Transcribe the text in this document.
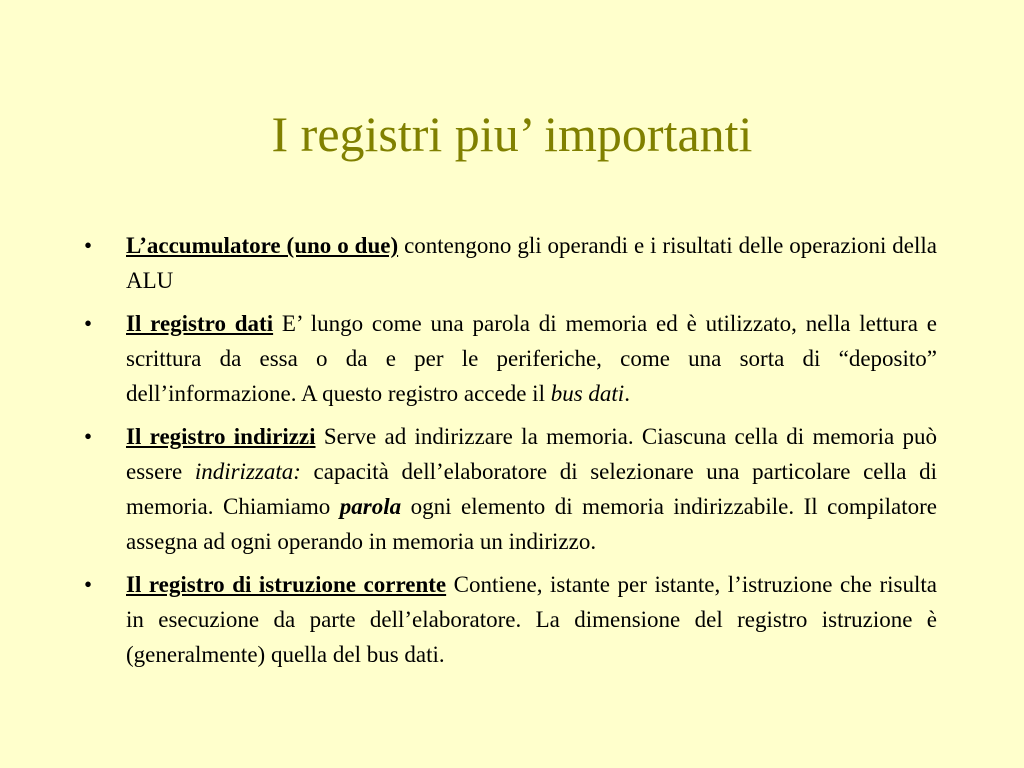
I registri piu’ importanti
• L’accumulatore (uno o due) contengono gli operandi e i risultati delle operazioni della ALU
• Il registro dati E’ lungo come una parola di memoria ed è utilizzato, nella lettura e scrittura da essa o da e per le periferiche, come una sorta di “deposito” dell’informazione. A questo registro accede il bus dati.
• Il registro indirizzi Serve ad indirizzare la memoria. Ciascuna cella di memoria può essere indirizzata: capacità dell’elaboratore di selezionare una particolare cella di memoria. Chiamiamo parola ogni elemento di memoria indirizzabile. Il compilatore assegna ad ogni operando in memoria un indirizzo.
• Il registro di istruzione corrente Contiene, istante per istante, l’istruzione che risulta in esecuzione da parte dell’elaboratore. La dimensione del registro istruzione è (generalmente) quella del bus dati.
